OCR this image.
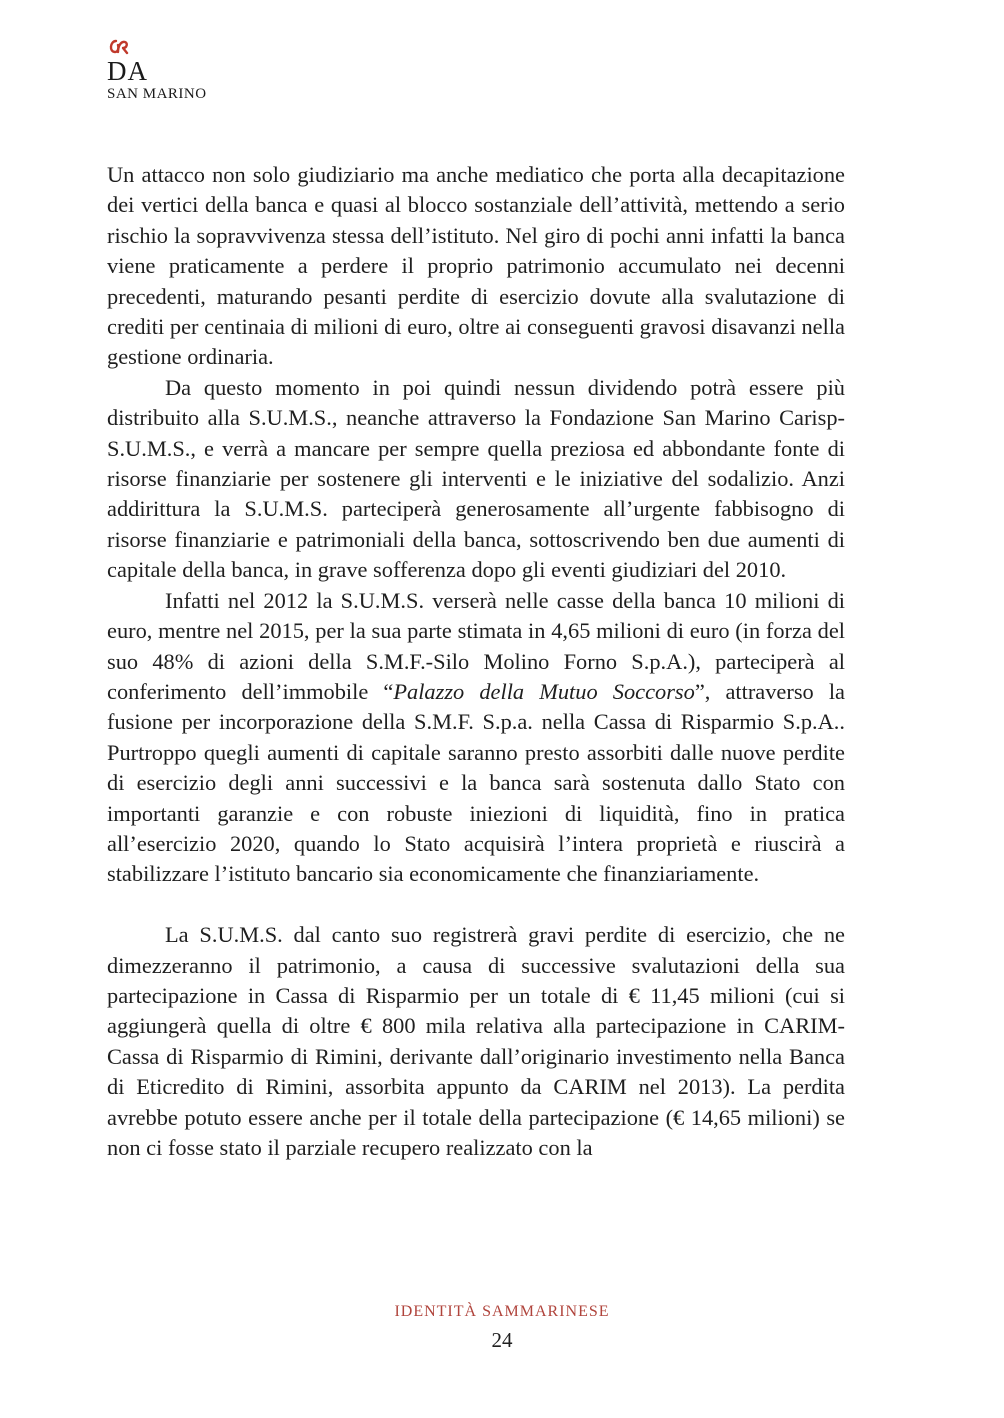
DA
SAN MARINO

Un attacco non solo giudiziario ma anche mediatico che porta alla decapitazione dei vertici della banca e quasi al blocco sostanziale dell’attività, mettendo a serio rischio la sopravvivenza stessa dell’istituto. Nel giro di pochi anni infatti la banca viene praticamente a perdere il proprio patrimonio accumulato nei decenni precedenti, maturando pesanti perdite di esercizio dovute alla svalutazione di crediti per centinaia di milioni di euro, oltre ai conseguenti gravosi disavanzi nella gestione ordinaria.

Da questo momento in poi quindi nessun dividendo potrà essere più distribuito alla S.U.M.S., neanche attraverso la Fondazione San Marino Carisp-S.U.M.S., e verrà a mancare per sempre quella preziosa ed abbondante fonte di risorse finanziarie per sostenere gli interventi e le iniziative del sodalizio. Anzi addirittura la S.U.M.S. parteciperà generosamente all’urgente fabbisogno di risorse finanziarie e patrimoniali della banca, sottoscrivendo ben due aumenti di capitale della banca, in grave sofferenza dopo gli eventi giudiziari del 2010.

Infatti nel 2012 la S.U.M.S. verserà nelle casse della banca 10 milioni di euro, mentre nel 2015, per la sua parte stimata in 4,65 milioni di euro (in forza del suo 48% di azioni della S.M.F.-Silo Molino Forno S.p.A.), parteciperà al conferimento dell’immobile “Palazzo della Mutuo Soccorso”, attraverso la fusione per incorporazione della S.M.F. S.p.a. nella Cassa di Risparmio S.p.A.. Purtroppo quegli aumenti di capitale saranno presto assorbiti dalle nuove perdite di esercizio degli anni successivi e la banca sarà sostenuta dallo Stato con importanti garanzie e con robuste iniezioni di liquidità, fino in pratica all’esercizio 2020, quando lo Stato acquisirà l’intera proprietà e riuscirà a stabilizzare l’istituto bancario sia economicamente che finanziariamente.

La S.U.M.S. dal canto suo registrerà gravi perdite di esercizio, che ne dimezzeranno il patrimonio, a causa di successive svalutazioni della sua partecipazione in Cassa di Risparmio per un totale di € 11,45 milioni (cui si aggiungerà quella di oltre € 800 mila relativa alla partecipazione in CARIM-Cassa di Risparmio di Rimini, derivante dall’originario investimento nella Banca di Eticredito di Rimini, assorbita appunto da CARIM nel 2013). La perdita avrebbe potuto essere anche per il totale della partecipazione (€ 14,65 milioni) se non ci fosse stato il parziale recupero realizzato con la

IDENTITÀ SAMMARINESE
24
